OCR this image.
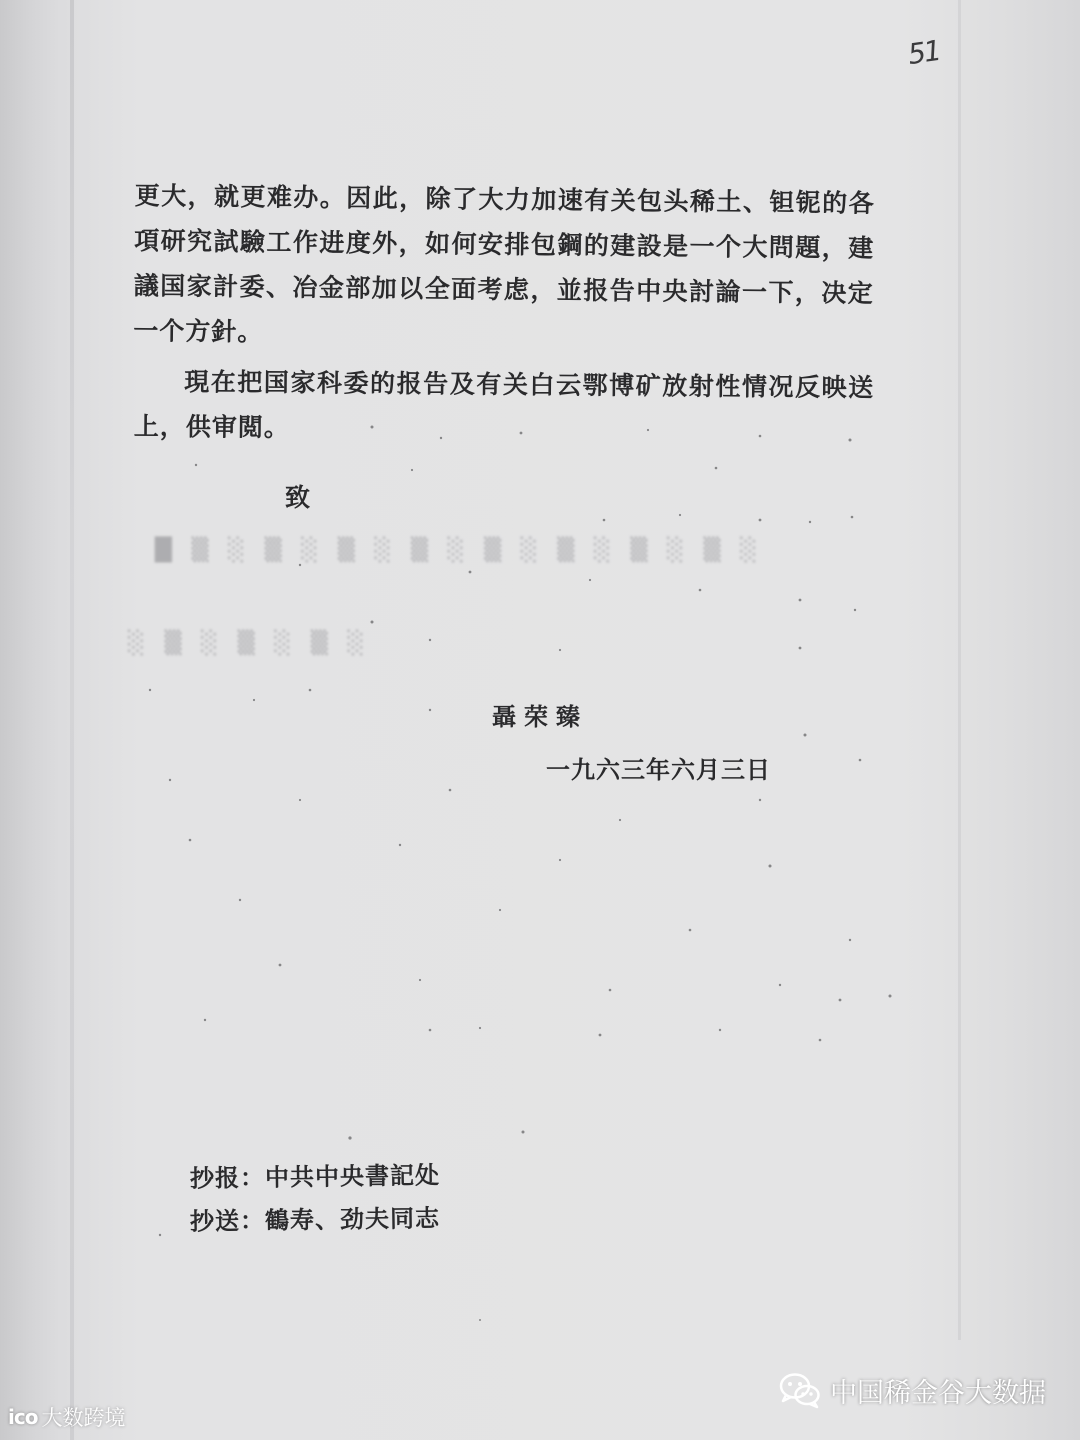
51

更大，就更难办。因此，除了大力加速有关包头稀土、钽铌的各項研究試驗工作进度外，如何安排包鋼的建設是一个大問題，建議国家計委、冶金部加以全面考虑，並报告中央討論一下，决定一个方針。

現在把国家科委的报告及有关白云鄂博矿放射性情况反映送上，供审閲。

致
█ ▒ ░ ▒ ░ ▒ ░ ▒ ░ ▒ ░ ▒ ░ ▒ ░ ▒ ░
░ ▒ ░ ▒ ░ ▒ ░
聶荣臻
一九六三年六月三日
抄报：中共中央書記处
抄送：鶴寿、劲夫同志
ico 大数跨境
中国稀金谷大数据
